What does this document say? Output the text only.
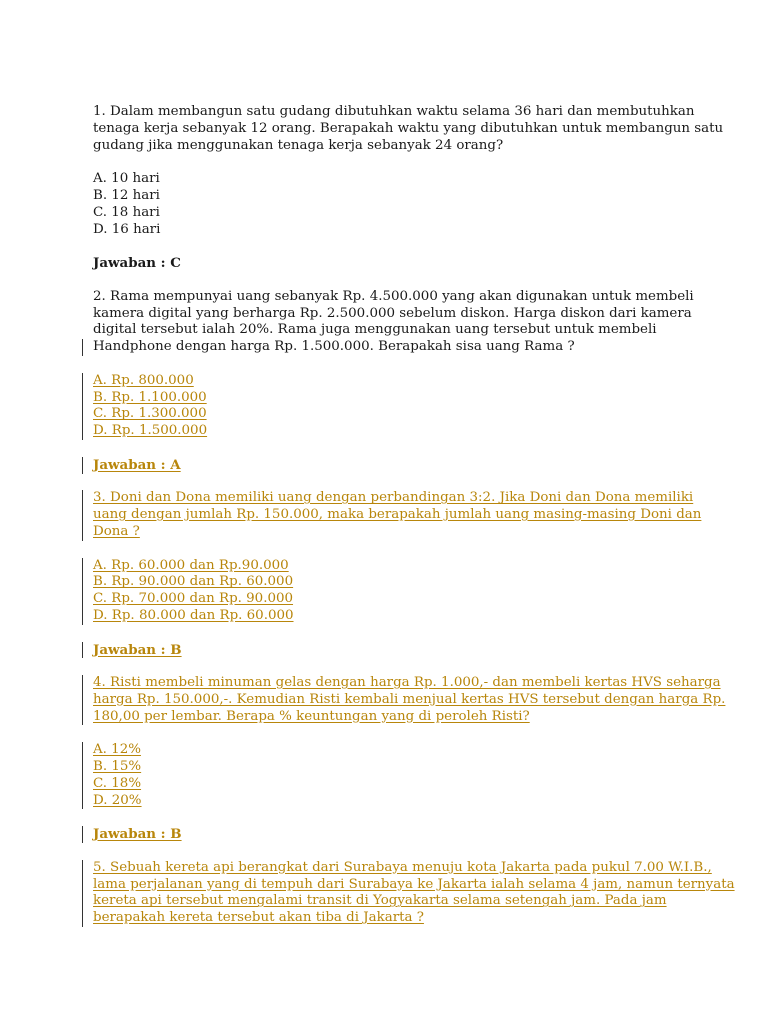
1. Dalam membangun satu gudang dibutuhkan waktu selama 36 hari dan membutuhkan
tenaga kerja sebanyak 12 orang. Berapakah waktu yang dibutuhkan untuk membangun satu
gudang jika menggunakan tenaga kerja sebanyak 24 orang?
A. 10 hari
B. 12 hari
C. 18 hari
D. 16 hari
Jawaban : C
2. Rama mempunyai uang sebanyak Rp. 4.500.000 yang akan digunakan untuk membeli
kamera digital yang berharga Rp. 2.500.000 sebelum diskon. Harga diskon dari kamera
digital tersebut ialah 20%. Rama juga menggunakan uang tersebut untuk membeli
Handphone dengan harga Rp. 1.500.000. Berapakah sisa uang Rama ?
A. Rp. 800.000
B. Rp. 1.100.000
C. Rp. 1.300.000
D. Rp. 1.500.000
Jawaban : A
3. Doni dan Dona memiliki uang dengan perbandingan 3:2. Jika Doni dan Dona memiliki
uang dengan jumlah Rp. 150.000, maka berapakah jumlah uang masing-masing Doni dan
Dona ?
A. Rp. 60.000 dan Rp.90.000
B. Rp. 90.000 dan Rp. 60.000
C. Rp. 70.000 dan Rp. 90.000
D. Rp. 80.000 dan Rp. 60.000
Jawaban : B
4. Risti membeli minuman gelas dengan harga Rp. 1.000,- dan membeli kertas HVS seharga
harga Rp. 150.000,-. Kemudian Risti kembali menjual kertas HVS tersebut dengan harga Rp.
180,00 per lembar. Berapa % keuntungan yang di peroleh Risti?
A. 12%
B. 15%
C. 18%
D. 20%
Jawaban : B
5. Sebuah kereta api berangkat dari Surabaya menuju kota Jakarta pada pukul 7.00 W.I.B.,
lama perjalanan yang di tempuh dari Surabaya ke Jakarta ialah selama 4 jam, namun ternyata
kereta api tersebut mengalami transit di Yogyakarta selama setengah jam. Pada jam
berapakah kereta tersebut akan tiba di Jakarta ?
